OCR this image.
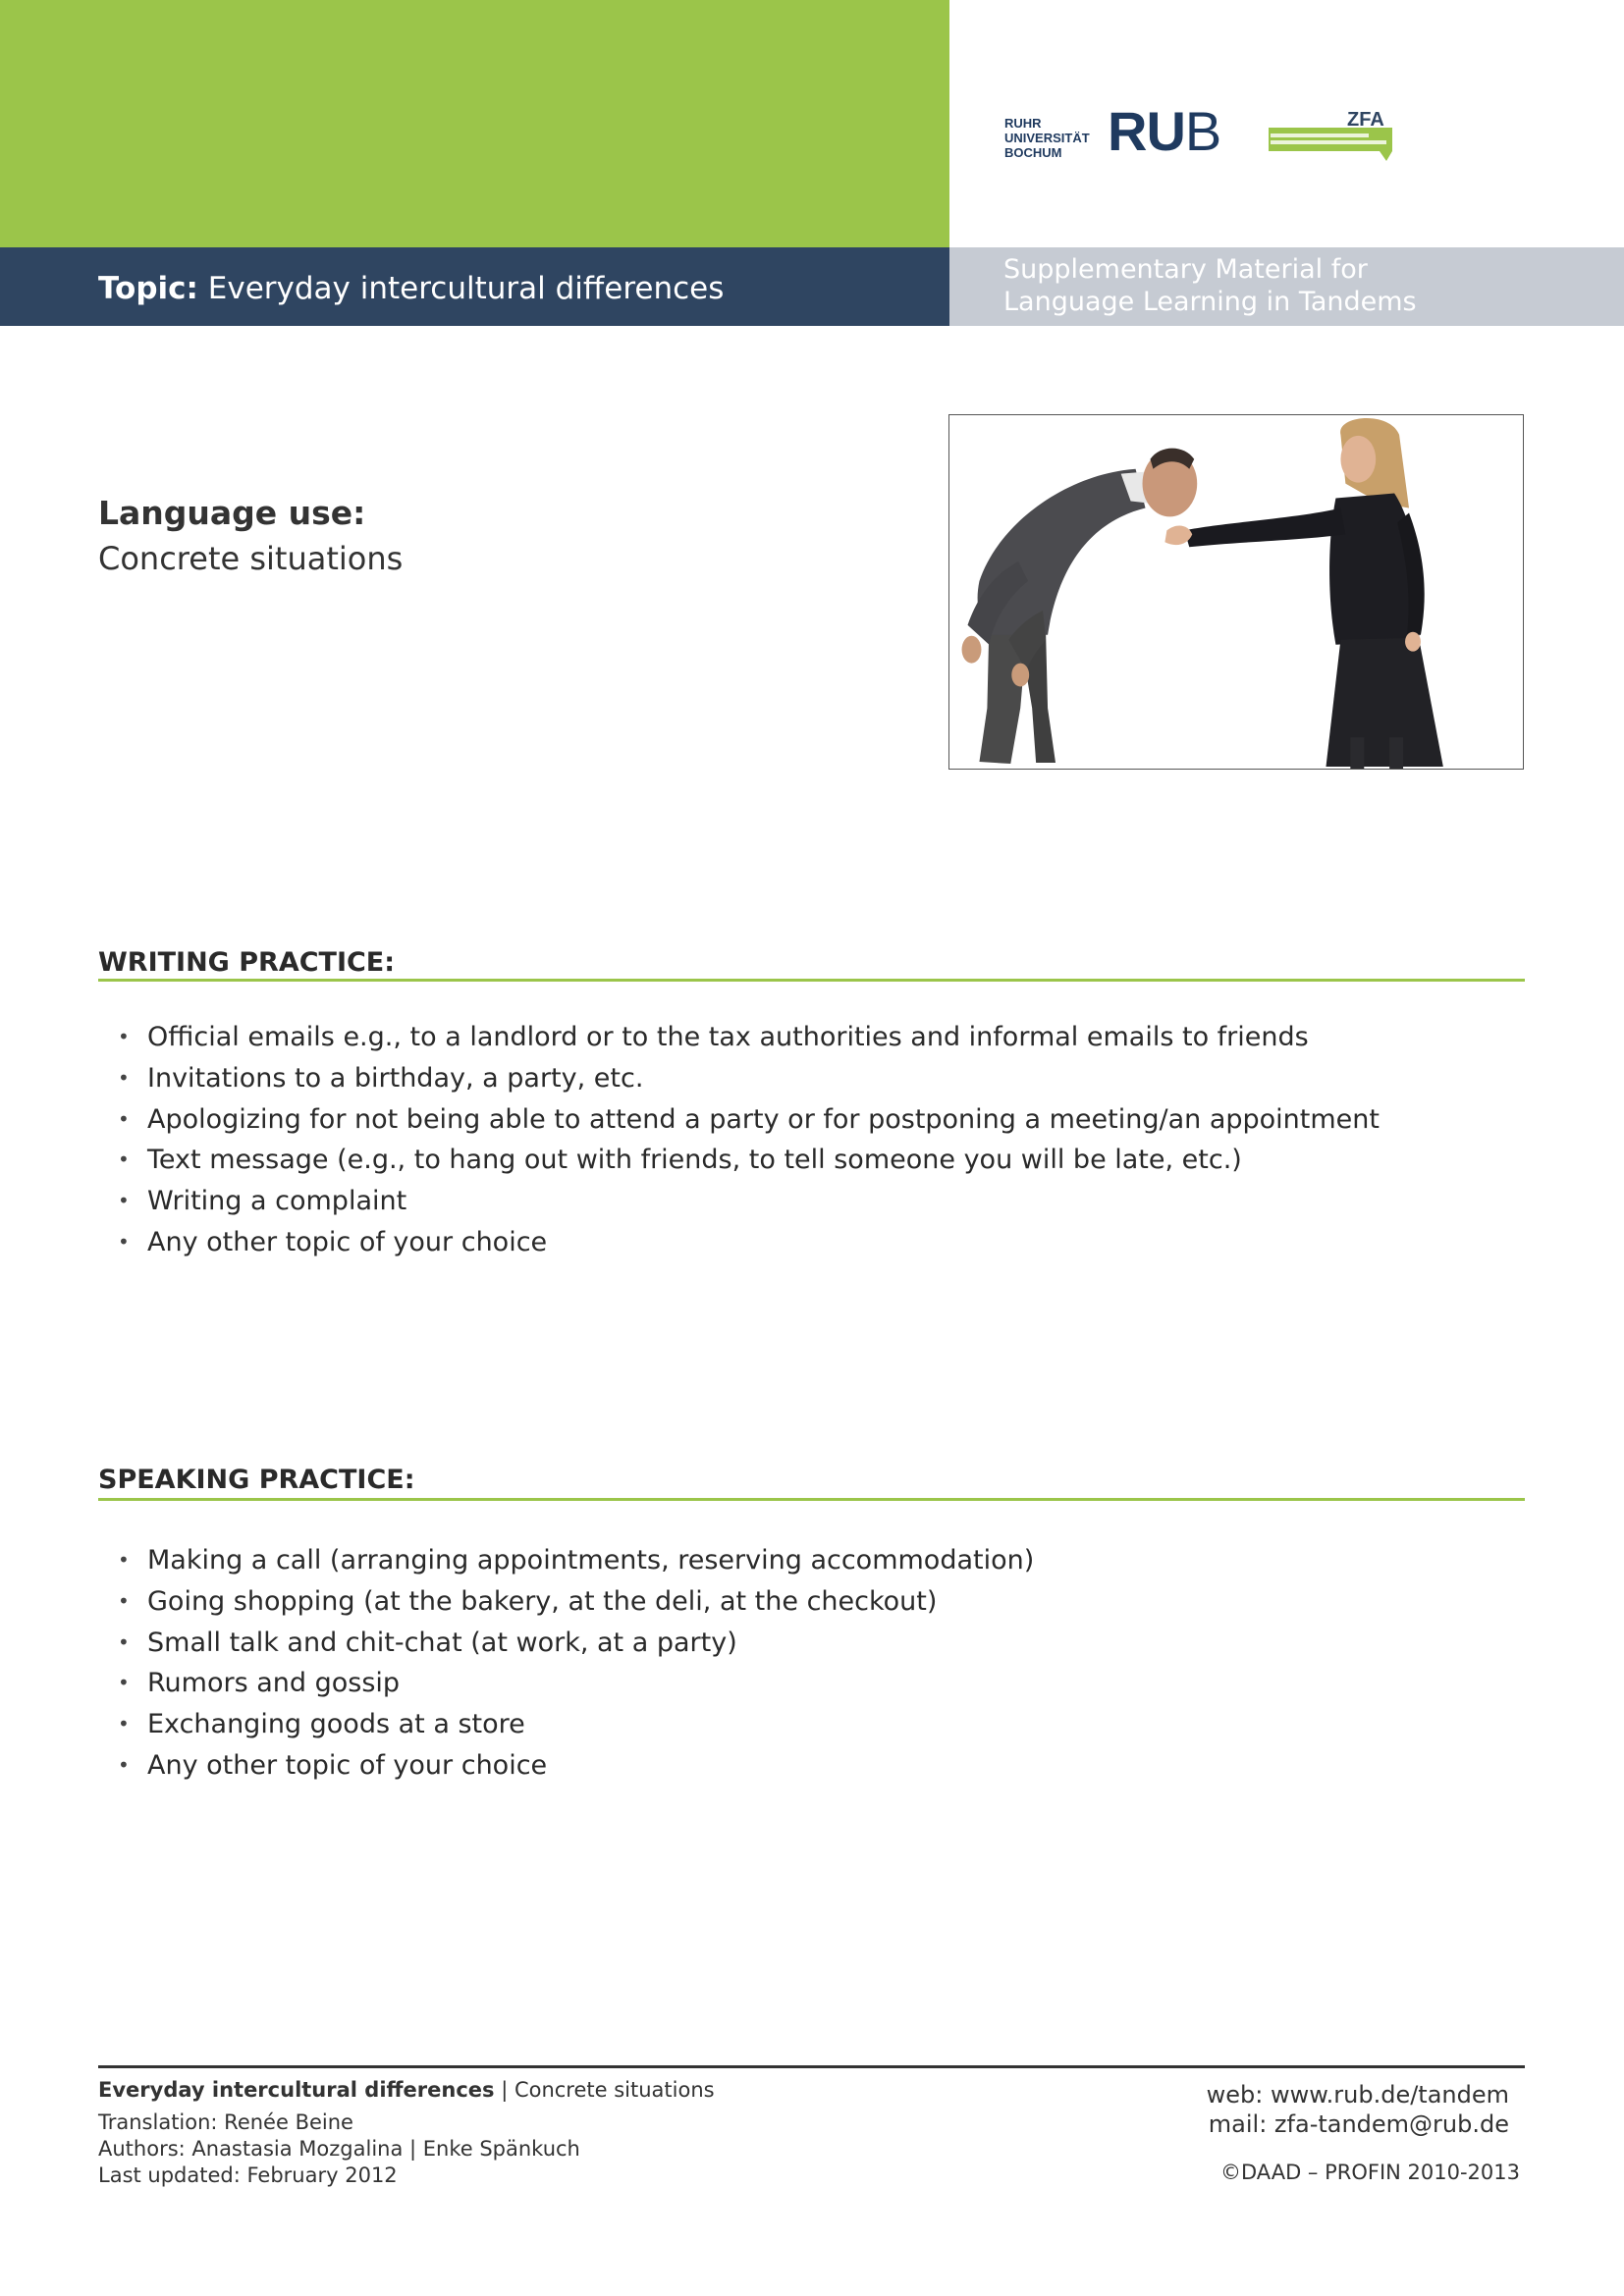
Topic: Everyday intercultural differences
Supplementary Material for
Language Learning in Tandems
RUHR
UNIVERSITÄT
BOCHUM RUB	ZFA
Language use:
Concrete situations
WRITING PRACTICE:
• Official emails e.g., to a landlord or to the tax authorities and informal emails to friends
• Invitations to a birthday, a party, etc.
• Apologizing for not being able to attend a party or for postponing a meeting/an appointment
• Text message (e.g., to hang out with friends, to tell someone you will be late, etc.)
• Writing a complaint
• Any other topic of your choice
SPEAKING PRACTICE:
• Making a call (arranging appointments, reserving accommodation)
• Going shopping (at the bakery, at the deli, at the checkout)
• Small talk and chit-chat (at work, at a party)
• Rumors and gossip
• Exchanging goods at a store
• Any other topic of your choice
Everyday intercultural differences | Concrete situations
Translation: Renée Beine
Authors: Anastasia Mozgalina | Enke Spänkuch
Last updated: February 2012
web: www.rub.de/tandem
mail: zfa-tandem@rub.de
©DAAD – PROFIN 2010-2013
